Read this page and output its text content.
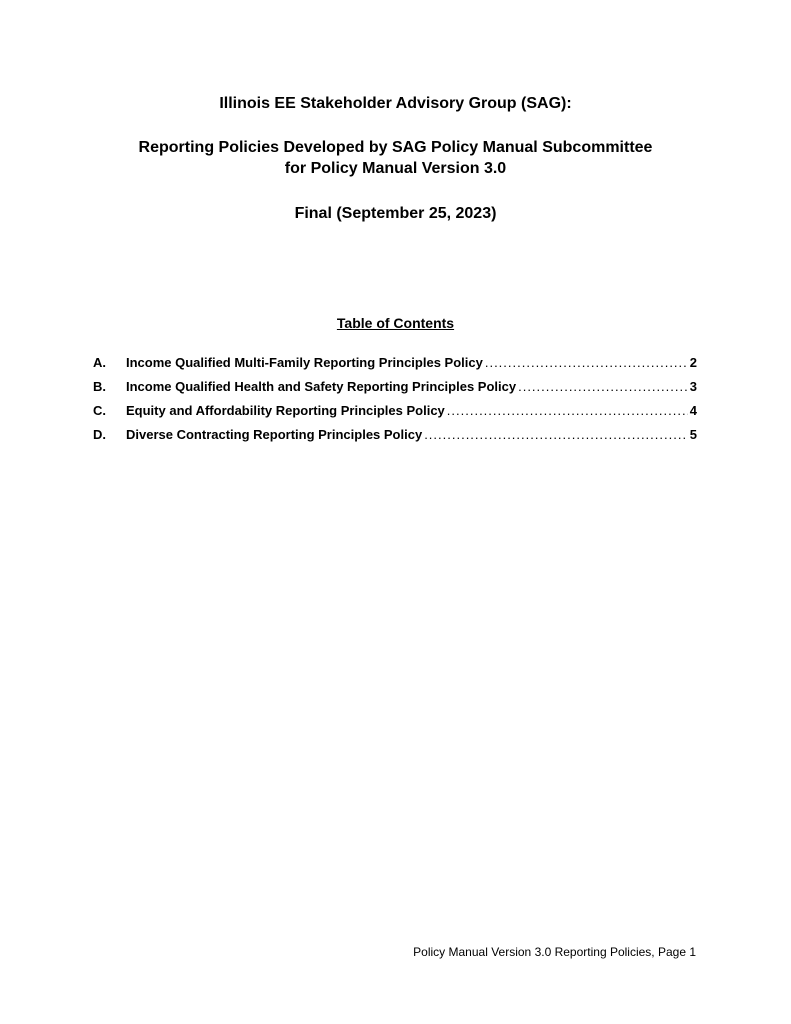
Illinois EE Stakeholder Advisory Group (SAG):
Reporting Policies Developed by SAG Policy Manual Subcommittee
for Policy Manual Version 3.0
Final (September 25, 2023)
Table of Contents
A.	Income Qualified Multi-Family Reporting Principles Policy .....	2
B.	Income Qualified Health and Safety Reporting Principles Policy .....	3
C.	Equity and Affordability Reporting Principles Policy .....	4
D.	Diverse Contracting Reporting Principles Policy .....	5
Policy Manual Version 3.0 Reporting Policies, Page 1
